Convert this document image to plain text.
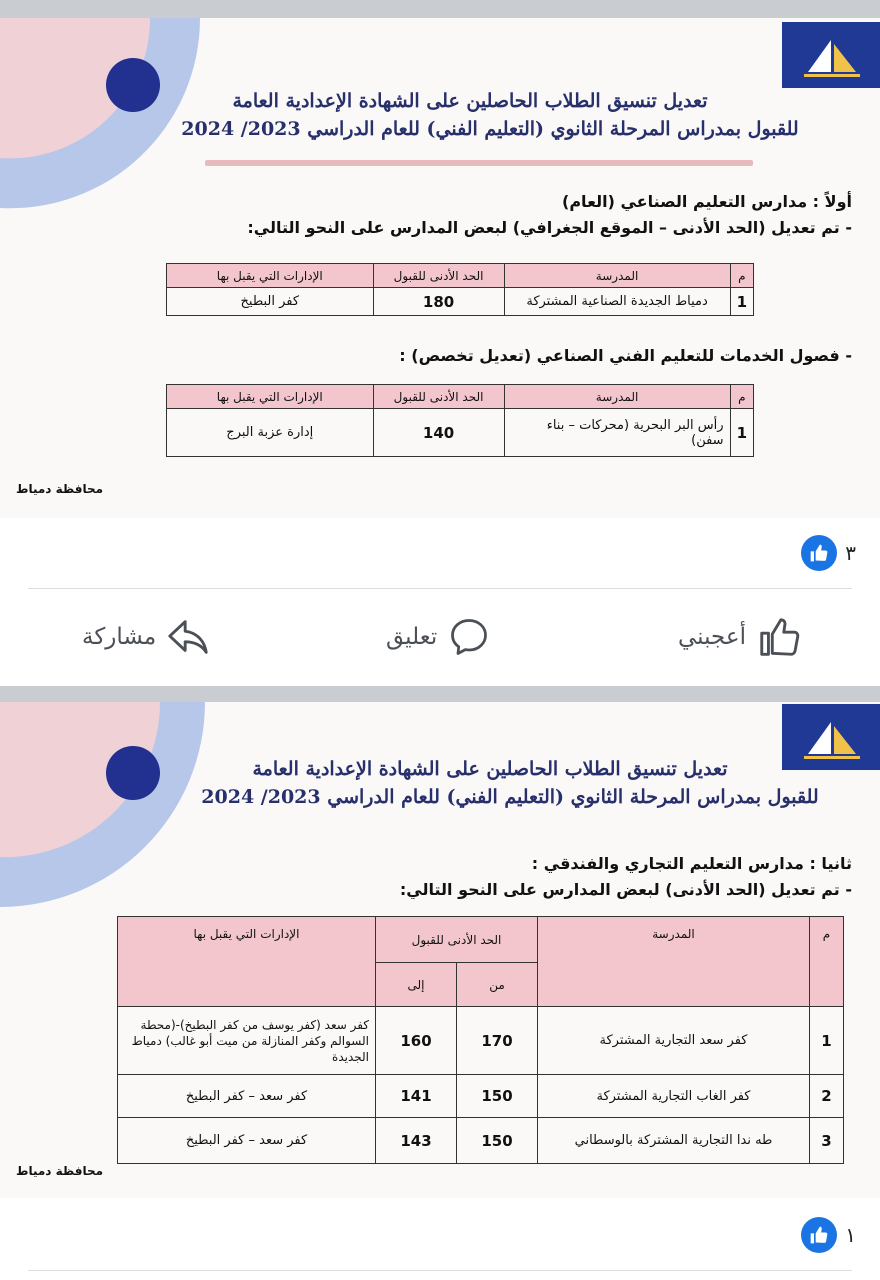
تعديل تنسيق الطلاب الحاصلين على الشهادة الإعدادية العامة
للقبول بمدراس المرحلة الثانوي (التعليم الفني) للعام الدراسي 2023/ 2024
أولاً : مدارس التعليم الصناعي (العام)
- تم تعديل (الحد الأدنى – الموقع الجغرافي) لبعض المدارس على النحو التالي:
م	المدرسة	الحد الأدنى للقبول	الإدارات التي يقبل بها
1	دمياط الجديدة الصناعية المشتركة	180	كفر البطيخ
- فصول الخدمات للتعليم الفني الصناعي (تعديل تخصص) :
م	المدرسة	الحد الأدنى للقبول	الإدارات التي يقبل بها
1	رأس البر البحرية (محركات – بناء سفن)	140	إدارة عزبة البرج
محافظة دمياط
٣
أعجبني
تعليق
مشاركة
تعديل تنسيق الطلاب الحاصلين على الشهادة الإعدادية العامة
للقبول بمدراس المرحلة الثانوي (التعليم الفني) للعام الدراسي 2023/ 2024
ثانيا : مدارس التعليم التجاري والفندقي :
- تم تعديل (الحد الأدنى) لبعض المدارس على النحو التالي:
م	المدرسة	الحد الأدنى للقبول		الإدارات التي يقبل بها
		من	إلى	
1	كفر سعد التجارية المشتركة	170	160	كفر سعد (كفر يوسف من كفر البطيخ)-(محطة السوالم وكفر المنازلة من ميت أبو غالب) دمياط الجديدة
2	كفر الغاب التجارية المشتركة	150	141	كفر سعد – كفر البطيخ
3	طه ندا التجارية المشتركة بالوسطاني	150	143	كفر سعد – كفر البطيخ
محافظة دمياط
١
